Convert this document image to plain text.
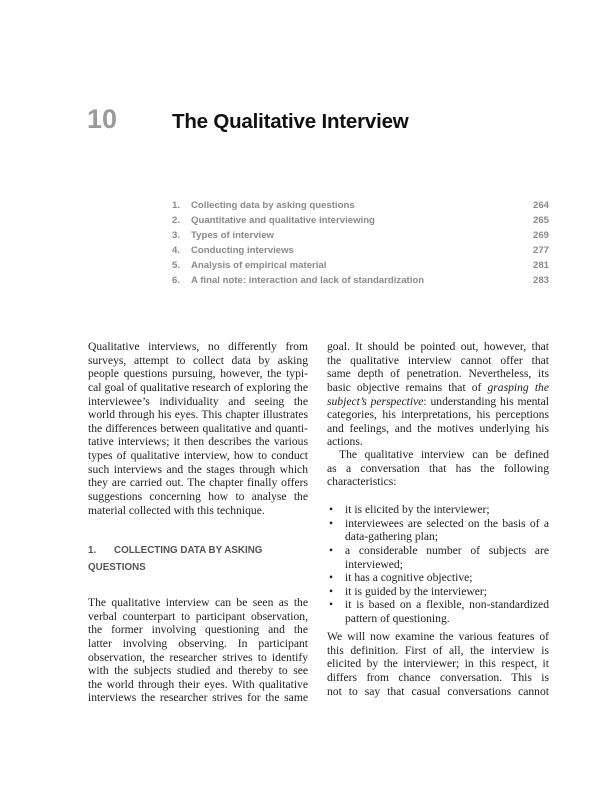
10	The Qualitative Interview
1.	Collecting data by asking questions	264
2.	Quantitative and qualitative interviewing	265
3.	Types of interview	269
4.	Conducting interviews	277
5.	Analysis of empirical material	281
6.	A final note: interaction and lack of standardization	283
Qualitative interviews, no differently from
surveys, attempt to collect data by asking
people questions pursuing, however, the typi-
cal goal of qualitative research of exploring the
interviewee’s individuality and seeing the
world through his eyes. This chapter illustrates
the differences between qualitative and quanti-
tative interviews; it then describes the various
types of qualitative interview, how to conduct
such interviews and the stages through which
they are carried out. The chapter finally offers
suggestions concerning how to analyse the
material collected with this technique.
1. COLLECTING DATA BY ASKING
QUESTIONS
The qualitative interview can be seen as the
verbal counterpart to participant observation,
the former involving questioning and the
latter involving observing. In participant
observation, the researcher strives to identify
with the subjects studied and thereby to see
the world through their eyes. With qualitative
interviews the researcher strives for the same
goal. It should be pointed out, however, that
the qualitative interview cannot offer that
same depth of penetration. Nevertheless, its
basic objective remains that of grasping the
subject’s perspective: understanding his mental
categories, his interpretations, his perceptions
and feelings, and the motives underlying his
actions.
The qualitative interview can be defined
as a conversation that has the following
characteristics:
• it is elicited by the interviewer;
• interviewees are selected on the basis of a
data-gathering plan;
• a considerable number of subjects are
interviewed;
• it has a cognitive objective;
• it is guided by the interviewer;
• it is based on a flexible, non-standardized
pattern of questioning.
We will now examine the various features of
this definition. First of all, the interview is
elicited by the interviewer; in this respect, it
differs from chance conversation. This is
not to say that casual conversations cannot
